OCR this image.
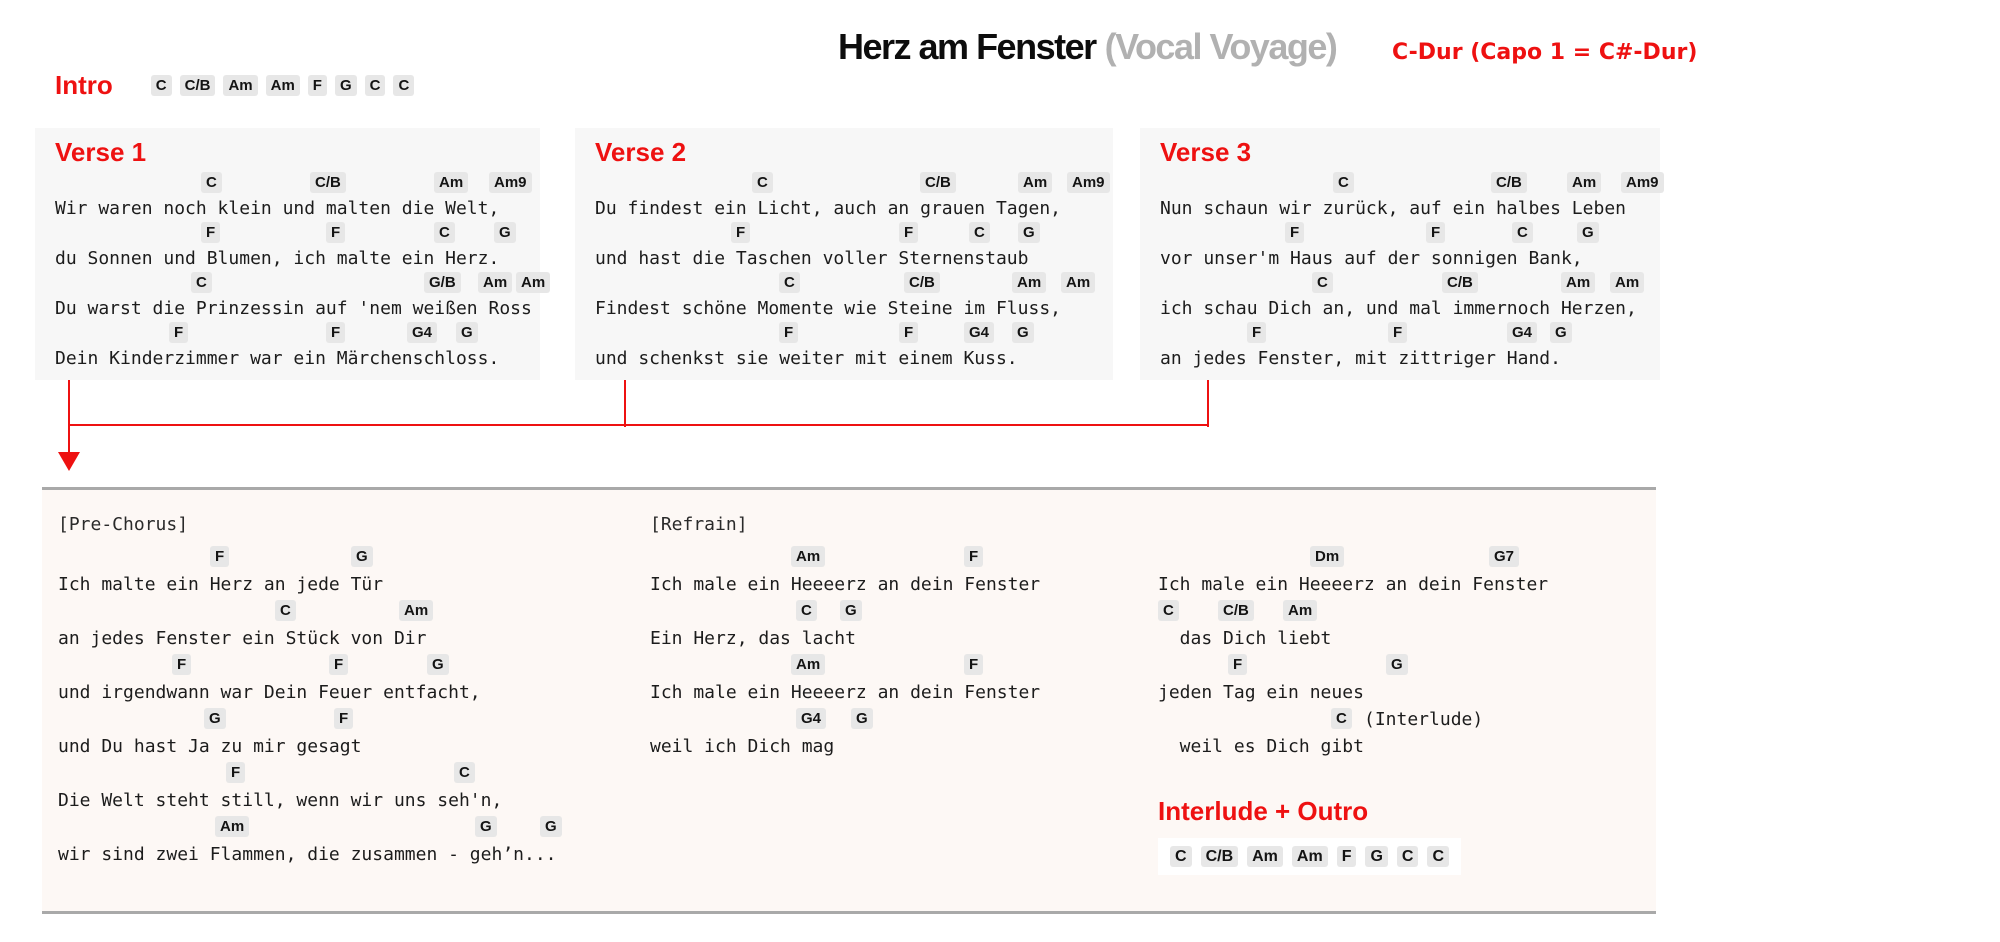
Herz am Fenster (Vocal Voyage)	C-Dur (Capo 1 = C#-Dur)
Intro	C	C/B	Am	Am	F	G	C	C
Verse 1
C	C/B	Am	Am9
Wir waren noch klein und malten die Welt,
F	F	C	G
du Sonnen und Blumen, ich malte ein Herz.
C	G/B	Am Am
Du warst die Prinzessin auf 'nem weißen Ross
F	F	G4	G
Dein Kinderzimmer war ein Märchenschloss.
Verse 2
C	C/B	Am	Am9
Du findest ein Licht, auch an grauen Tagen,
F	F	C	G
und hast die Taschen voller Sternenstaub
C	C/B	Am	Am
Findest schöne Momente wie Steine im Fluss,
F	F	G4	G
und schenkst sie weiter mit einem Kuss.
Verse 3
C	C/B	Am	Am9
Nun schaun wir zurück, auf ein halbes Leben
F	F	C	G
vor unser'm Haus auf der sonnigen Bank,
C	C/B	Am	Am
ich schau Dich an, und mal immernoch Herzen,
F	F	G4	G
an jedes Fenster, mit zittriger Hand.
[Pre-Chorus]
F	G
Ich malte ein Herz an jede Tür
C	Am
an jedes Fenster ein Stück von Dir
F	F	G
und irgendwann war Dein Feuer entfacht,
G	F
und Du hast Ja zu mir gesagt
F	C
Die Welt steht still, wenn wir uns seh'n,
Am	G	G
wir sind zwei Flammen, die zusammen - geh’n...
[Refrain]
Am	F
Ich male ein Heeeerz an dein Fenster
C	G
Ein Herz, das lacht
Am	F
Ich male ein Heeeerz an dein Fenster
G4	G
weil ich Dich mag

Dm	G7
Ich male ein Heeeerz an dein Fenster
C	C/B	Am
das Dich liebt
F	G
jeden Tag ein neues
C (Interlude)
weil es Dich gibt
Interlude + Outro
C	C/B	Am	Am	F	G	C	C
